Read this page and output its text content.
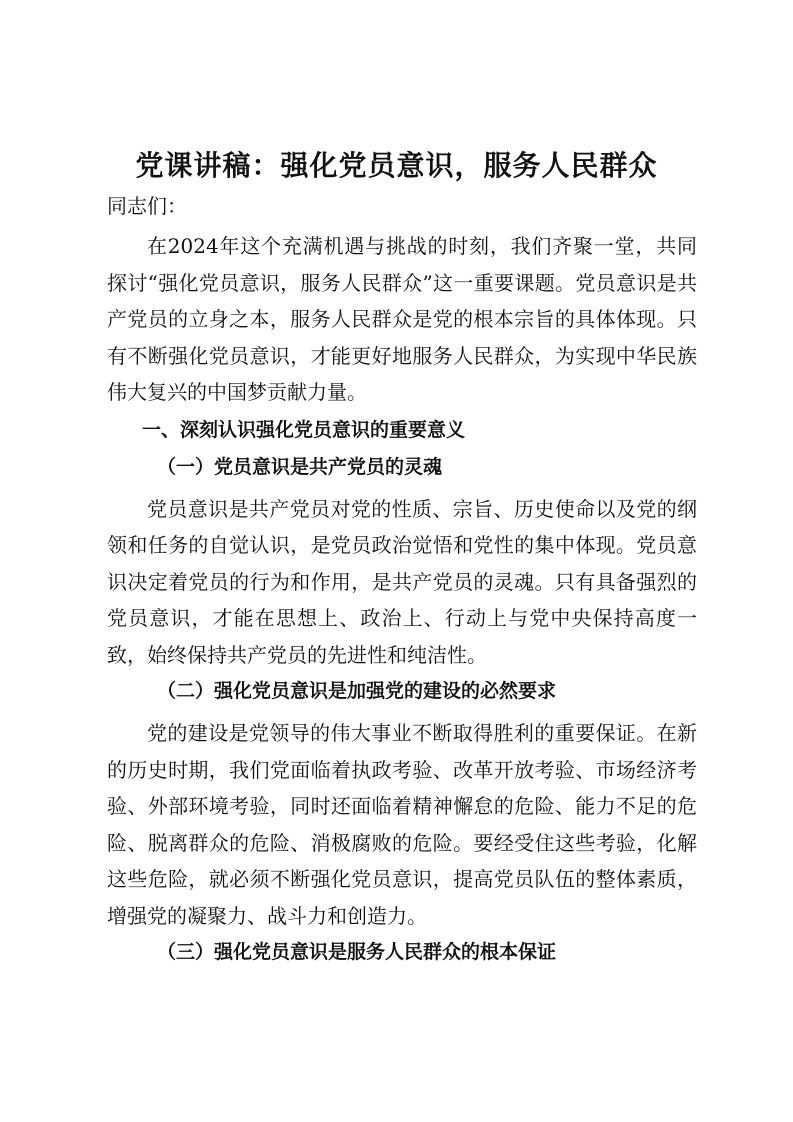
党课讲稿：强化党员意识，服务人民群众

同志们：

在2024年这个充满机遇与挑战的时刻，我们齐聚一堂，共同探讨“强化党员意识，服务人民群众”这一重要课题。党员意识是共产党员的立身之本，服务人民群众是党的根本宗旨的具体体现。只有不断强化党员意识，才能更好地服务人民群众，为实现中华民族伟大复兴的中国梦贡献力量。

一、深刻认识强化党员意识的重要意义
（一）党员意识是共产党员的灵魂

党员意识是共产党员对党的性质、宗旨、历史使命以及党的纲领和任务的自觉认识，是党员政治觉悟和党性的集中体现。党员意识决定着党员的行为和作用，是共产党员的灵魂。只有具备强烈的党员意识，才能在思想上、政治上、行动上与党中央保持高度一致，始终保持共产党员的先进性和纯洁性。

（二）强化党员意识是加强党的建设的必然要求

党的建设是党领导的伟大事业不断取得胜利的重要保证。在新的历史时期，我们党面临着执政考验、改革开放考验、市场经济考验、外部环境考验，同时还面临着精神懈怠的危险、能力不足的危险、脱离群众的危险、消极腐败的危险。要经受住这些考验，化解这些危险，就必须不断强化党员意识，提高党员队伍的整体素质，增强党的凝聚力、战斗力和创造力。

（三）强化党员意识是服务人民群众的根本保证
